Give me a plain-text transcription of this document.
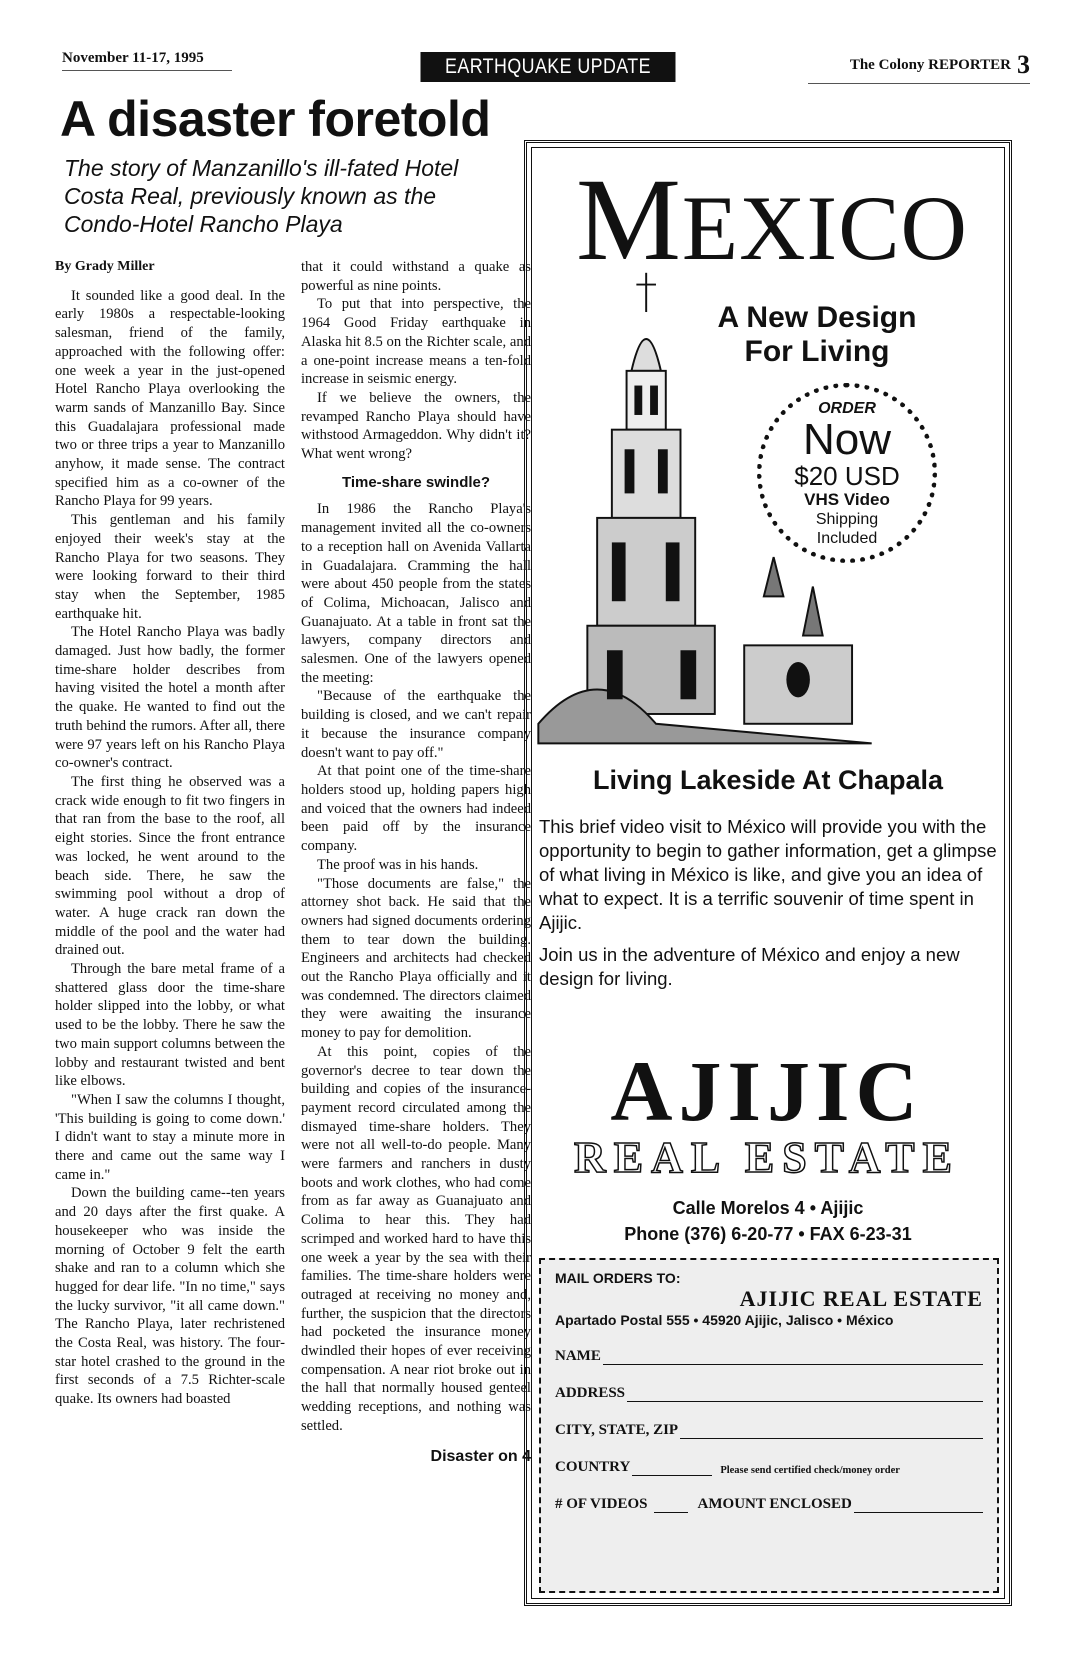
November 11-17, 1995	EARTHQUAKE UPDATE	The Colony REPORTER 3
A disaster foretold
The story of Manzanillo's ill-fated Hotel Costa Real, previously known as the Condo-Hotel Rancho Playa
By Grady Miller

It sounded like a good deal. In the early 1980s a respectable-looking salesman, friend of the family, approached with the following offer: one week a year in the just-opened Hotel Rancho Playa overlooking the warm sands of Manzanillo Bay. Since this Guadalajara professional made two or three trips a year to Manzanillo anyhow, it made sense. The contract specified him as a co-owner of the Rancho Playa for 99 years.

This gentleman and his family enjoyed their week's stay at the Rancho Playa for two seasons. They were looking forward to their third stay when the September, 1985 earthquake hit.

The Hotel Rancho Playa was badly damaged. Just how badly, the former time-share holder describes from having visited the hotel a month after the quake. He wanted to find out the truth behind the rumors. After all, there were 97 years left on his Rancho Playa co-owner's contract.

The first thing he observed was a crack wide enough to fit two fingers in that ran from the base to the roof, all eight stories. Since the front entrance was locked, he went around to the beach side. There, he saw the swimming pool without a drop of water. A huge crack ran down the middle of the pool and the water had drained out.

Through the bare metal frame of a shattered glass door the time-share holder slipped into the lobby, or what used to be the lobby. There he saw the two main support columns between the lobby and restaurant twisted and bent like elbows.

"When I saw the columns I thought, 'This building is going to come down.' I didn't want to stay a minute more in there and came out the same way I came in."

Down the building came--ten years and 20 days after the first quake. A housekeeper who was inside the morning of October 9 felt the earth shake and ran to a column which she hugged for dear life. "In no time," says the lucky survivor, "it all came down." The Rancho Playa, later rechristened the Costa Real, was history. The four-star hotel crashed to the ground in the first seconds of a 7.5 Richter-scale quake. Its owners had boasted

that it could withstand a quake as powerful as nine points.

To put that into perspective, the 1964 Good Friday earthquake in Alaska hit 8.5 on the Richter scale, and a one-point increase means a ten-fold increase in seismic energy.

If we believe the owners, the revamped Rancho Playa should have withstood Armageddon. Why didn't it? What went wrong?

Time-share swindle?

In 1986 the Rancho Playa's management invited all the co-owners to a reception hall on Avenida Vallarta in Guadalajara. Cramming the hall were about 450 people from the states of Colima, Michoacan, Jalisco and Guanajuato. At a table in front sat the lawyers, company directors and salesmen. One of the lawyers opened the meeting:

"Because of the earthquake the building is closed, and we can't repair it because the insurance company doesn't want to pay off."

At that point one of the time-share holders stood up, holding papers high and voiced that the owners had indeed been paid off by the insurance company.

The proof was in his hands.

"Those documents are false," the attorney shot back. He said that the owners had signed documents ordering them to tear down the building. Engineers and architects had checked out the Rancho Playa officially and it was condemned. The directors claimed they were awaiting the insurance money to pay for demolition.

At this point, copies of the governor's decree to tear down the building and copies of the insurance-payment record circulated among the dismayed time-share holders. They were not all well-to-do people. Many were farmers and ranchers in dusty boots and work clothes, who had come from as far away as Guanajuato and Colima to hear this. They had scrimped and worked hard to have this one week a year by the sea with their families. The time-share holders were outraged at receiving no money and, further, the suspicion that the directors had pocketed the insurance money dwindled their hopes of ever receiving compensation. A near riot broke out in the hall that normally housed genteel wedding receptions, and nothing was settled.

Disaster on 4
MEXICO
A New Design
For Living
ORDER
Now
$20 USD
VHS Video
Shipping
Included
Living Lakeside At Chapala

This brief video visit to México will provide you with the opportunity to begin to gather information, get a glimpse of what living in México is like, and give you an idea of what to expect. It is a terrific souvenir of time spent in Ajijic.

Join us in the adventure of México and enjoy a new design for living.

AJIJIC
REAL ESTATE
Calle Morelos 4 • Ajijic
Phone (376) 6-20-77 • FAX 6-23-31
MAIL ORDERS TO:
AJIJIC REAL ESTATE
Apartado Postal 555 • 45920 Ajijic, Jalisco • México
NAME
ADDRESS
CITY, STATE, ZIP
COUNTRY	Please send certified check/money order
# OF VIDEOS	AMOUNT ENCLOSED
